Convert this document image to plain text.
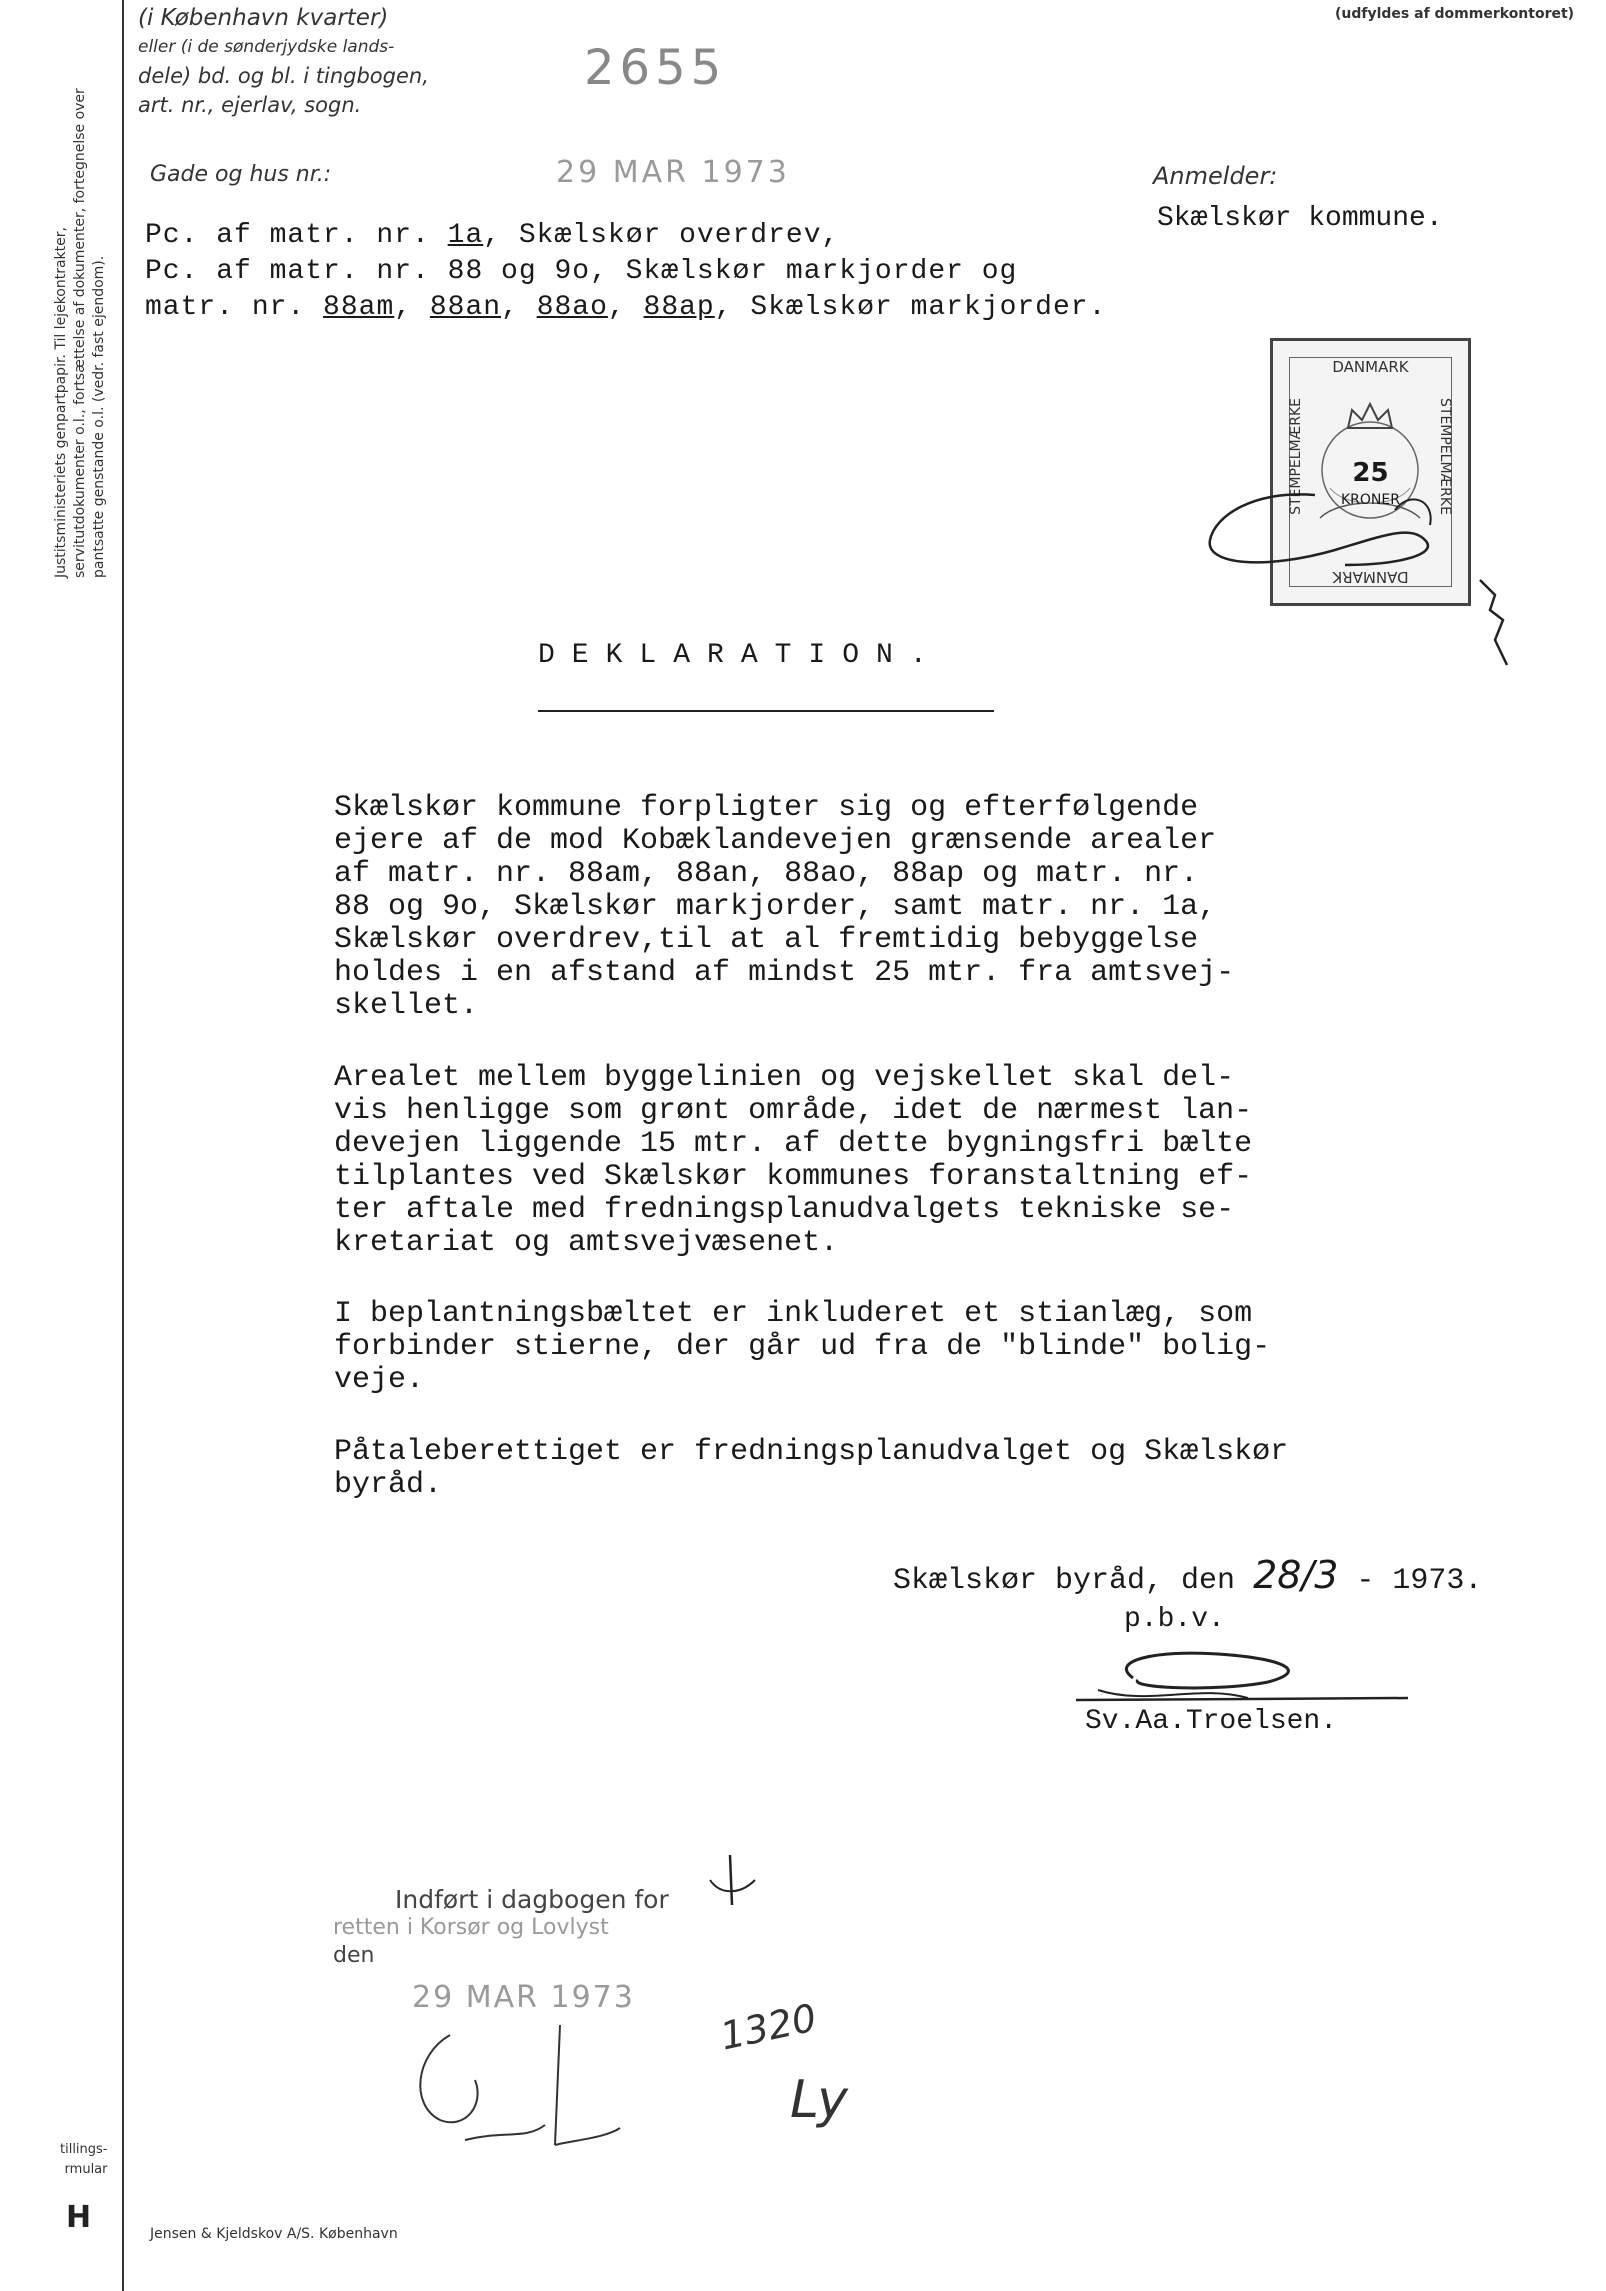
Justitsministeriets genpartpapir. Til lejekontrakter, servitutdokumenter o.l., fortsættelse af dokumenter, fortegnelse over pantsatte genstande o.l. (vedr. fast ejendom).
tillings-
rmular
H
(i København kvarter)
eller (i de sønderjydske lands-
dele) bd. og bl. i tingbogen,
art. nr., ejerlav, sogn.
2655
29 MAR 1973
(udfyldes af dommerkontoret)
Gade og hus nr.:	Anmelder:
Skælskør kommune.
Pc. af matr. nr. 1a, Skælskør overdrev,
Pc. af matr. nr. 88 og 9o, Skælskør markjorder og
matr. nr. 88am, 88an, 88ao, 88ap, Skælskør markjorder.
DANMARK
DANMARK
STEMPELMÆRKE	STEMPELMÆRKE
25
KRONER
DEKLARATION.

Skælskør kommune forpligter sig og efterfølgende
ejere af de mod Kobæklandevejen grænsende arealer
af matr. nr. 88am, 88an, 88ao, 88ap og matr. nr.
88 og 9o, Skælskør markjorder, samt matr. nr. 1a,
Skælskør overdrev,til at al fremtidig bebyggelse
holdes i en afstand af mindst 25 mtr. fra amtsvej-
skellet.

Arealet mellem byggelinien og vejskellet skal del-
vis henligge som grønt område, idet de nærmest lan-
devejen liggende 15 mtr. af dette bygningsfri bælte
tilplantes ved Skælskør kommunes foranstaltning ef-
ter aftale med fredningsplanudvalgets tekniske se-
kretariat og amtsvejvæsenet.

I beplantningsbæltet er inkluderet et stianlæg, som
forbinder stierne, der går ud fra de "blinde" bolig-
veje.

Påtaleberettiget er fredningsplanudvalget og Skælskør
byråd.

Skælskør byråd, den 28/3 - 1973.
p.b.v.
Sv.Aa.Troelsen.
Indført i dagbogen for
retten i Korsør og Lovlyst
den
29 MAR 1973 1320
Ly
Jensen & Kjeldskov A/S. København
